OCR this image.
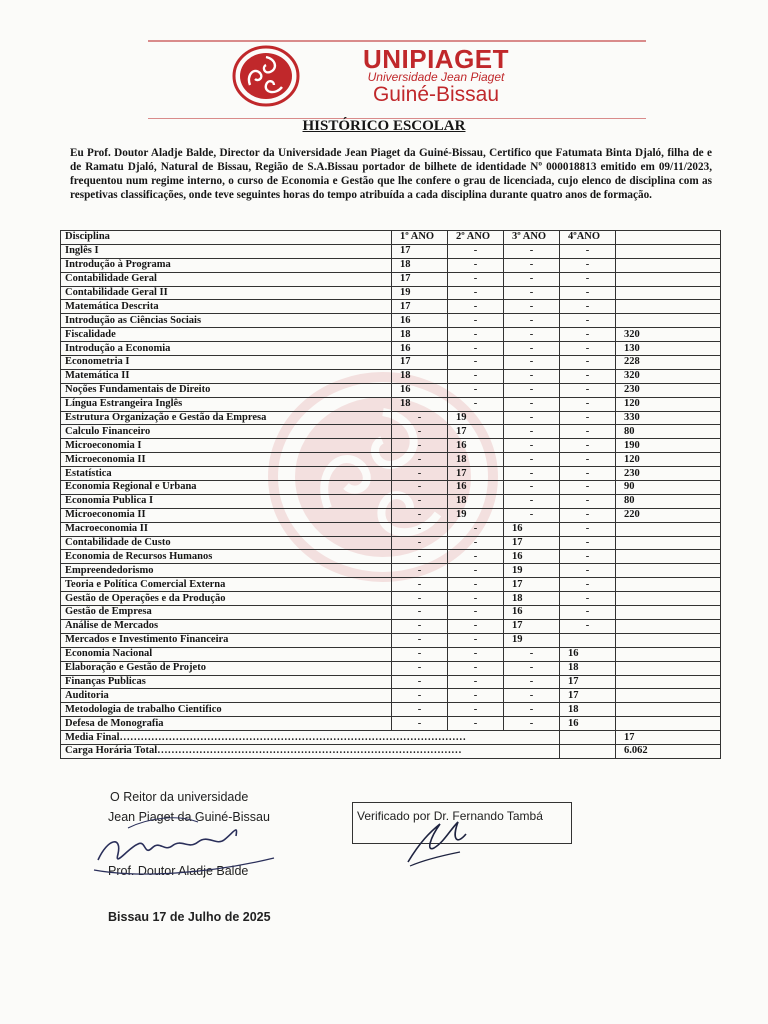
UNIPIAGET
Universidade Jean Piaget
Guiné-Bissau
HISTÓRICO ESCOLAR
Eu Prof. Doutor Aladje Balde, Director da Universidade Jean Piaget da Guiné-Bissau, Certifico que Fatumata Binta Djaló, filha de e de Ramatu Djaló, Natural de Bissau, Região de S.A.Bissau portador de bilhete de identidade Nº 000018813 emitido em 09/11/2023, frequentou num regime interno, o curso de Economia e Gestão que lhe confere o grau de licenciada, cujo elenco de disciplina com as respetivas classificações, onde teve seguintes horas do tempo atribuída a cada disciplina durante quatro anos de formação.
Disciplina	1º ANO	2º ANO	3º ANO	4ºANO	
Inglês I	17	-	-	-	
Introdução à Programa	18	-	-	-	
Contabilidade Geral	17	-	-	-	
Contabilidade Geral II	19	-	-	-	
Matemática Descrita	17	-	-	-	
Introdução as Ciências Sociais	16	-	-	-	
Fiscalidade	18	-	-	-	320
Introdução a Economia	16	-	-	-	130
Econometria I	17	-	-	-	228
Matemática II	18	-	-	-	320
Noções Fundamentais de Direito	16	-	-	-	230
Língua Estrangeira Inglês	18	-	-	-	120
Estrutura Organização e Gestão da Empresa	-	19	-	-	330
Calculo Financeiro	-	17	-	-	80
Microeconomia I	-	16	-	-	190
Microeconomia II	-	18	-	-	120
Estatística	-	17	-	-	230
Economia Regional e Urbana	-	16	-	-	90
Economia Publica I	-	18	-	-	80
Microeconomia II	-	19	-	-	220
Macroeconomia II	-	-	16	-	
Contabilidade de Custo	-	-	17	-	
Economia de Recursos Humanos	-	-	16	-	
Empreendedorismo	-	-	19	-	
Teoria e Política Comercial Externa	-	-	17	-	
Gestão de Operações e da Produção	-	-	18	-	
Gestão de Empresa	-	-	16	-	
Análise de Mercados	-	-	17	-	
Mercados e Investimento Financeira	-	-	19		
Economia Nacional	-	-	-	16	
Elaboração e Gestão de Projeto	-	-	-	18	
Finanças Publicas	-	-	-	17	
Auditoria	-	-	-	17	
Metodologia de trabalho Cientifico	-	-	-	18	
Defesa de Monografia	-	-	-	16	
Media Final………………………………………………………………………………………					17
Carga Horária Total……………………………………………………………………………					6.062
O Reitor da universidade
Jean Piaget da Guiné-Bissau
Prof. Doutor Aladje Balde
Verificado por Dr. Fernando Tambá
Bissau 17 de Julho de 2025
